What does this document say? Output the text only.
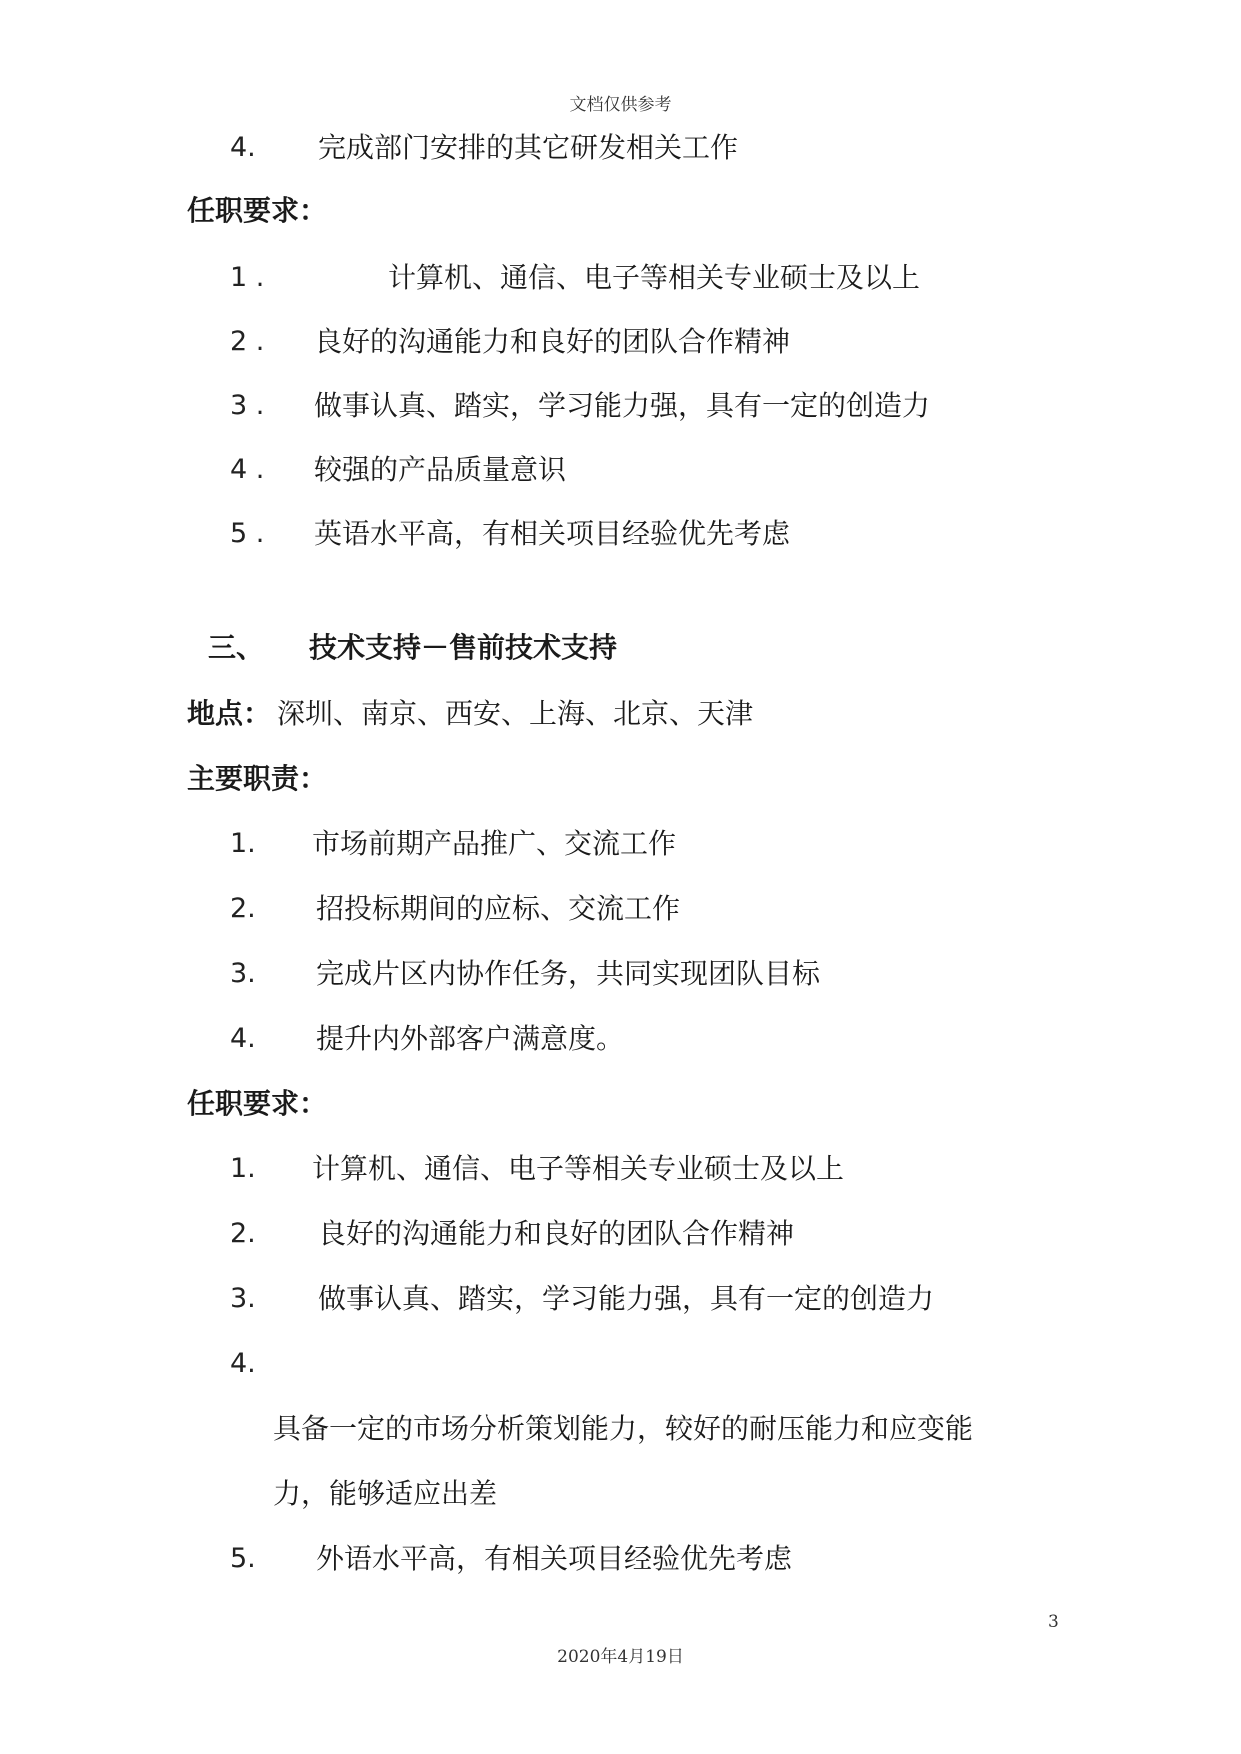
文档仅供参考
4. 完成部门安排的其它研发相关工作
任职要求：
1 .	计算机、通信、电子等相关专业硕士及以上
2 . 良好的沟通能力和良好的团队合作精神
3 . 做事认真、踏实，学习能力强，具有一定的创造力
4 . 较强的产品质量意识
5 . 英语水平高，有相关项目经验优先考虑
三、 技术支持－售前技术支持
地点： 深圳、南京、西安、上海、北京、天津
主要职责：
1. 市场前期产品推广、交流工作
2. 招投标期间的应标、交流工作
3. 完成片区内协作任务，共同实现团队目标
4. 提升内外部客户满意度。
任职要求：
1. 计算机、通信、电子等相关专业硕士及以上
2. 良好的沟通能力和良好的团队合作精神
3. 做事认真、踏实，学习能力强，具有一定的创造力
4.
具备一定的市场分析策划能力，较好的耐压能力和应变能
力，能够适应出差
5. 外语水平高，有相关项目经验优先考虑
3
2020年4月19日
